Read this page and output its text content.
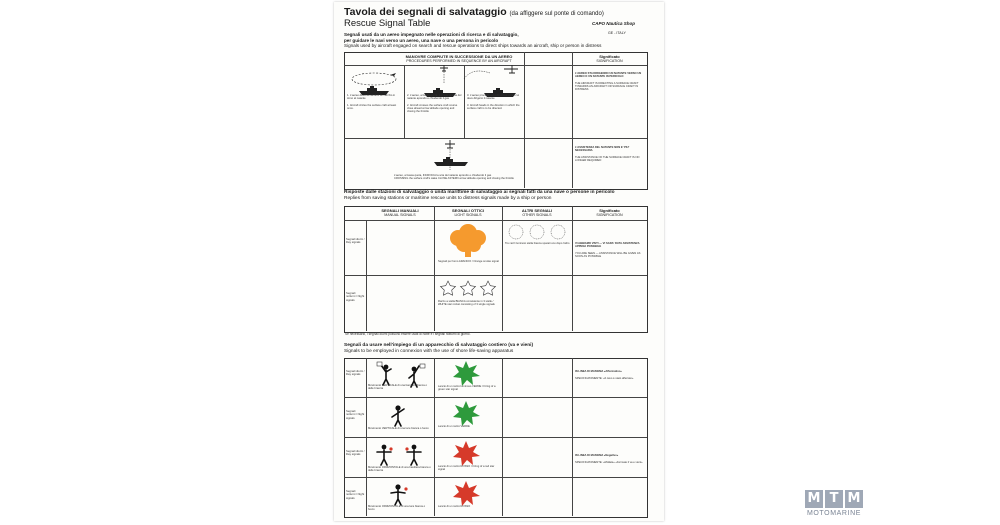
Tavola dei segnali di salvataggio (da affiggere sul ponte di comando)
Rescue Signal Table	CAPO Nautica Shop
GE - ITALY
Segnali usati da un aereo impegnato nelle operazioni di ricerca e di salvataggio,
per guidare le navi verso un aereo, una nave o una persona in pericolo
Signals used by aircraft engaged on search and rescue operations to direct ships towards an aircraft, ship or person in distress
MANOVRE COMPIUTE IN SUCCESSIONE DA UN AEREO
PROCEDURES PERFORMED IN SEQUENCE BY AN AIRCRAFT
Significato
SIGNIFICATION
1. L'aereo descrive almeno un cerchio in torno al natante

1. Aircraft circles the surface craft at least once.
2. L'aereo, a bassa quota, incrocia la rotta del natante aprendo e chiudendo il gas

2. Aircraft crosses the surface craft course close ahead at low altitude opening and closing the throttle
3. L'aereo procede nella direzione verso cui deve dirigersi il natante

3. Aircraft heads in the direction in which the surface craft is to be directed.
L'AEREO STA DIRIGENDO UN NATANTE VERSO UN AEREO O UN NATANTE IN PERICOLO

THE AIRCRAFT IS DIRECTING A SURFACE CRAFT TOWARDS AN AIRCRAFT OR SURFACE CRAFT IN DISTRESS
L'aereo, a bassa quota, INCROCIA la scia del natante aprendo e chiudendo il gas
CROSSING the surface craft's wake CLOSE ASTERN at low altitude opening and closing the throttle
L'ASSISTENZA DEL NATANTE NON E' PIU' NECESSARIA

THE ASSISTANCE OF THE SURFACE CRAFT IS NO LONGER REQUIRED
Risposte dalle stazioni di salvataggio o unità marittime di salvataggio ai segnali fatti da una nave o persone in pericolo
Replies from saving stations or maritime rescue units to distress signals made by a ship or person
SEGNALI MANUALI
MANUAL SIGNALS
SEGNALI OTTICI
LIGHT SIGNALS
ALTRI SEGNALI
OTHER SIGNALS
Significato
SIGNIFICATION
Segnali diurni / Day signals
Segnali notturni / Night signals
Segnali per fumo ARANCIO / Orange smoke signal
Tre razzi luminosi stella bianca sparati uno dopo l'altro VI ABBIAMO VISTI — VI SARA' DATA ASSISTENZA APPENA POSSIBILE

YOU ARE SEEN — ASSISTANCE WILL BE GIVEN AS SOON AS POSSIBLE
Razzo a stella BIANCA consistente in 3 stelle / WHITE star rocket consisting of 3 single signals
Se necessario, i segnali diurni possono essere usati di notte e i segnali notturni di giorno.
Segnali da usare nell'impiego di un apparecchio di salvataggio costiero (va e vieni)
Signals to be employed in connexion with the use of shore life-saving apparatus
Segnali diurni / Day signals
Segnali notturni / Night signals
Segnali diurni / Day signals
Segnali notturni / Night signals
Movimento VERTICALE di una bandiera bianca o delle braccia
Movimento VERTICALE di una luce bianca o fuoco
Movimento ORIZZONTALE di una bandiera bianca o delle braccia
Movimento ORIZZONTALE di una luce bianca o fuoco
Lancio di un razzo luminoso VERDE / Firing of a green star signal
Lancio di un razzo VERDE
Lancio di un razzo ROSSO / Firing of a red star signal
Lancio di un razzo ROSSO
IN LINEA DI MASSIMA «Affermativo»

SPECIFICATAMENTE: «Il cavo è stato afferrato»
IN LINEA DI MASSIMA «Negativo»

SPECIFICATAMENTE: «Mollate» «Fermate il va e vieni»
M T M
MOTOMARINE
